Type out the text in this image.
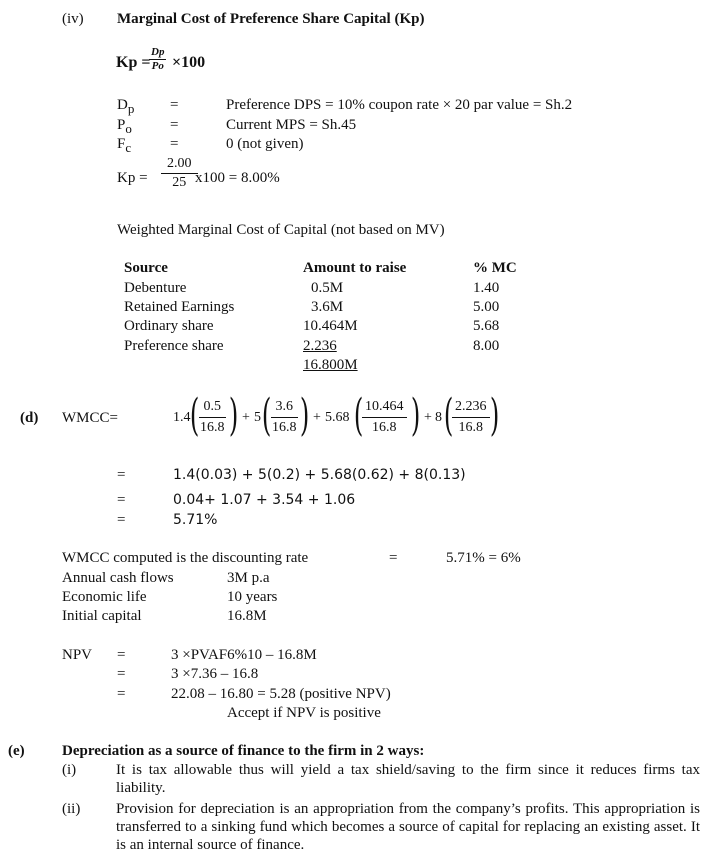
(iv) Marginal Cost of Preference Share Capital (Kp)
Kp =
$\frac{Dp}{Po} \times 100$
$D_p$ =	Preference DPS = 10% coupon rate × 20 par value = Sh.2
$P_o$	=	Current MPS = Sh.45
$F_c$	=	0 (not given)
$Kp = \frac{2.00}{25}$
x100 = 8.00%
Weighted Marginal Cost of Capital (not based on MV)
Source	Amount to raise	% MC
Debenture	0.5M	1.40
Retained Earnings	3.6M	5.00
Ordinary share	10.464M	5.68
Preference share	2.236	8.00
16.800M
(d) WMCC=	1.4 (
$\frac{0.5}{16.8}$ ) + 5 (
$\frac{3.6}{16.8}$ ) + 5.68 (
$\frac{10.464}{16.8}$ ) + 8 (
$\frac{2.236}{16.8}$ )
=	1.4(0.03) + 5(0.2) + 5.68(0.62) + 8(0.13)
=	0.04+ 1.07 + 3.54 + 1.06
=	5.71%
WMCC computed is the discounting rate	=	5.71% = 6%
Annual cash flows	3M p.a
Economic life	10 years
Initial capital	16.8M
NPV =	3 ×PVAF6%10 – 16.8M
=	3 ×7.36 – 16.8
=	22.08 – 16.80 = 5.28 (positive NPV)
Accept if NPV is positive
(e) Depreciation as a source of finance to the firm in 2 ways:
(i)	It is tax allowable thus will yield a tax shield/saving to the firm since it reduces firms tax liability.
(ii) Provision for depreciation is an appropriation from the company’s profits. This appropriation is transferred to a sinking fund which becomes a source of capital for replacing an existing asset. It is an internal source of finance.
